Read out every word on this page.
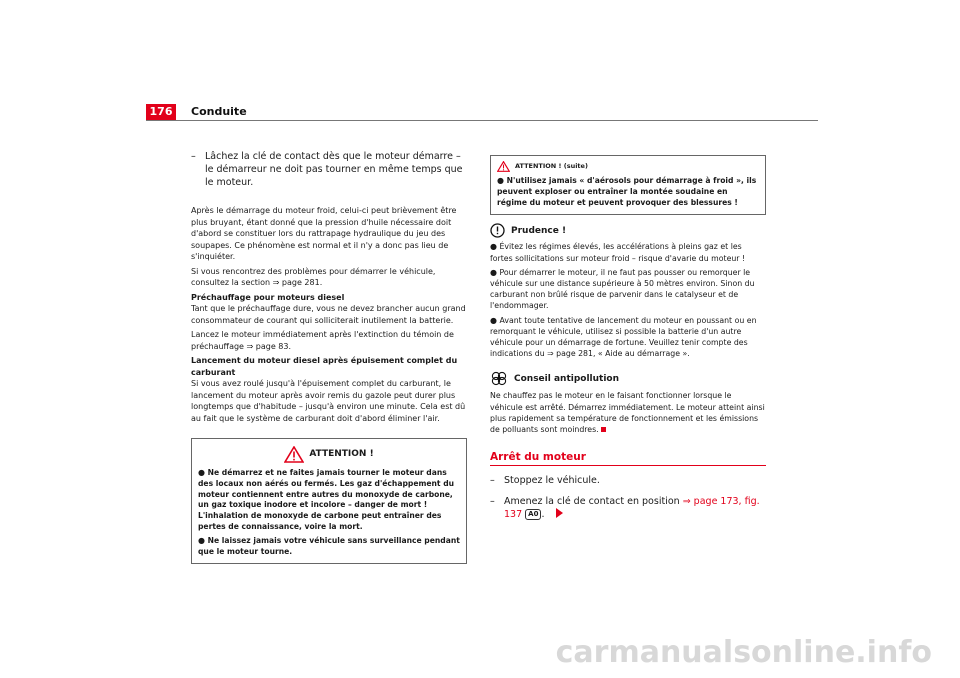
176	Conduite
– Lâchez la clé de contact dès que le moteur démarre – le démarreur ne doit pas tourner en même temps que le moteur.

Après le démarrage du moteur froid, celui-ci peut brièvement être plus bruyant, étant donné que la pression d'huile nécessaire doit d'abord se constituer lors du rattrapage hydraulique du jeu des soupapes. Ce phénomène est normal et il n'y a donc pas lieu de s'inquiéter.

Si vous rencontrez des problèmes pour démarrer le véhicule, consultez la section ⇒ page 281.

Préchauffage pour moteurs diesel

Tant que le préchauffage dure, vous ne devez brancher aucun grand consommateur de courant qui solliciterait inutilement la batterie.

Lancez le moteur immédiatement après l'extinction du témoin de préchauffage ⇒ page 83.

Lancement du moteur diesel après épuisement complet du carburant

Si vous avez roulé jusqu'à l'épuisement complet du carburant, le lancement du moteur après avoir remis du gazole peut durer plus longtemps que d'habitude – jusqu'à environ une minute. Cela est dû au fait que le système de carburant doit d'abord éliminer l'air.

ATTENTION !
● Ne démarrez et ne faites jamais tourner le moteur dans des locaux non aérés ou fermés. Les gaz d'échappement du moteur contiennent entre autres du monoxyde de carbone, un gaz toxique inodore et incolore – danger de mort ! L'inhalation de monoxyde de carbone peut entraîner des pertes de connaissance, voire la mort.
● Ne laissez jamais votre véhicule sans surveillance pendant que le moteur tourne.
ATTENTION ! (suite)
● N'utilisez jamais « d'aérosols pour démarrage à froid », ils peuvent exploser ou entraîner la montée soudaine en régime du moteur et peuvent provoquer des blessures !
Prudence !
● Évitez les régimes élevés, les accélérations à pleins gaz et les fortes sollicitations sur moteur froid – risque d'avarie du moteur !
● Pour démarrer le moteur, il ne faut pas pousser ou remorquer le véhicule sur une distance supérieure à 50 mètres environ. Sinon du carburant non brûlé risque de parvenir dans le catalyseur et de l'endommager.
● Avant toute tentative de lancement du moteur en poussant ou en remorquant le véhicule, utilisez si possible la batterie d'un autre véhicule pour un démarrage de fortune. Veuillez tenir compte des indications du ⇒ page 281, « Aide au démarrage ».
Conseil antipollution
Ne chauffez pas le moteur en le faisant fonctionner lorsque le véhicule est arrêté. Démarrez immédiatement. Le moteur atteint ainsi plus rapidement sa température de fonctionnement et les émissions de polluants sont moindres.
Arrêt du moteur
– Stoppez le véhicule.
– Amenez la clé de contact en position ⇒ page 173, fig. 137 A0 .
carmanualsonline.info
